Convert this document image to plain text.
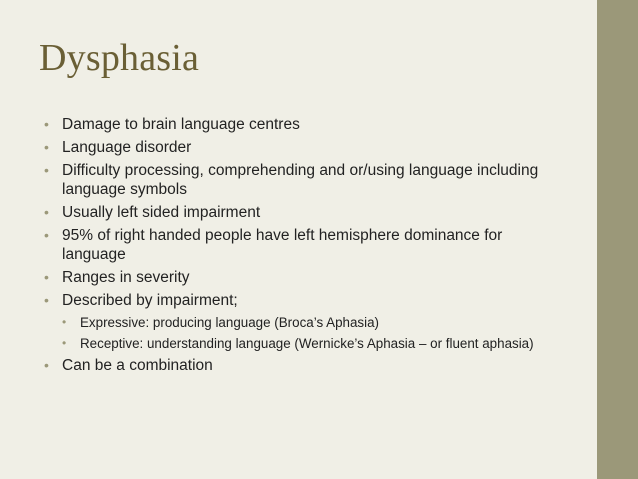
Dysphasia
• Damage to brain language centres
• Language disorder
• Difficulty processing, comprehending and or/using language including language symbols
• Usually left sided impairment
• 95% of right handed people have left hemisphere dominance for language
• Ranges in severity
• Described by impairment;
• Expressive: producing language (Broca’s Aphasia)
• Receptive: understanding language (Wernicke’s Aphasia – or fluent aphasia)
• Can be a combination
